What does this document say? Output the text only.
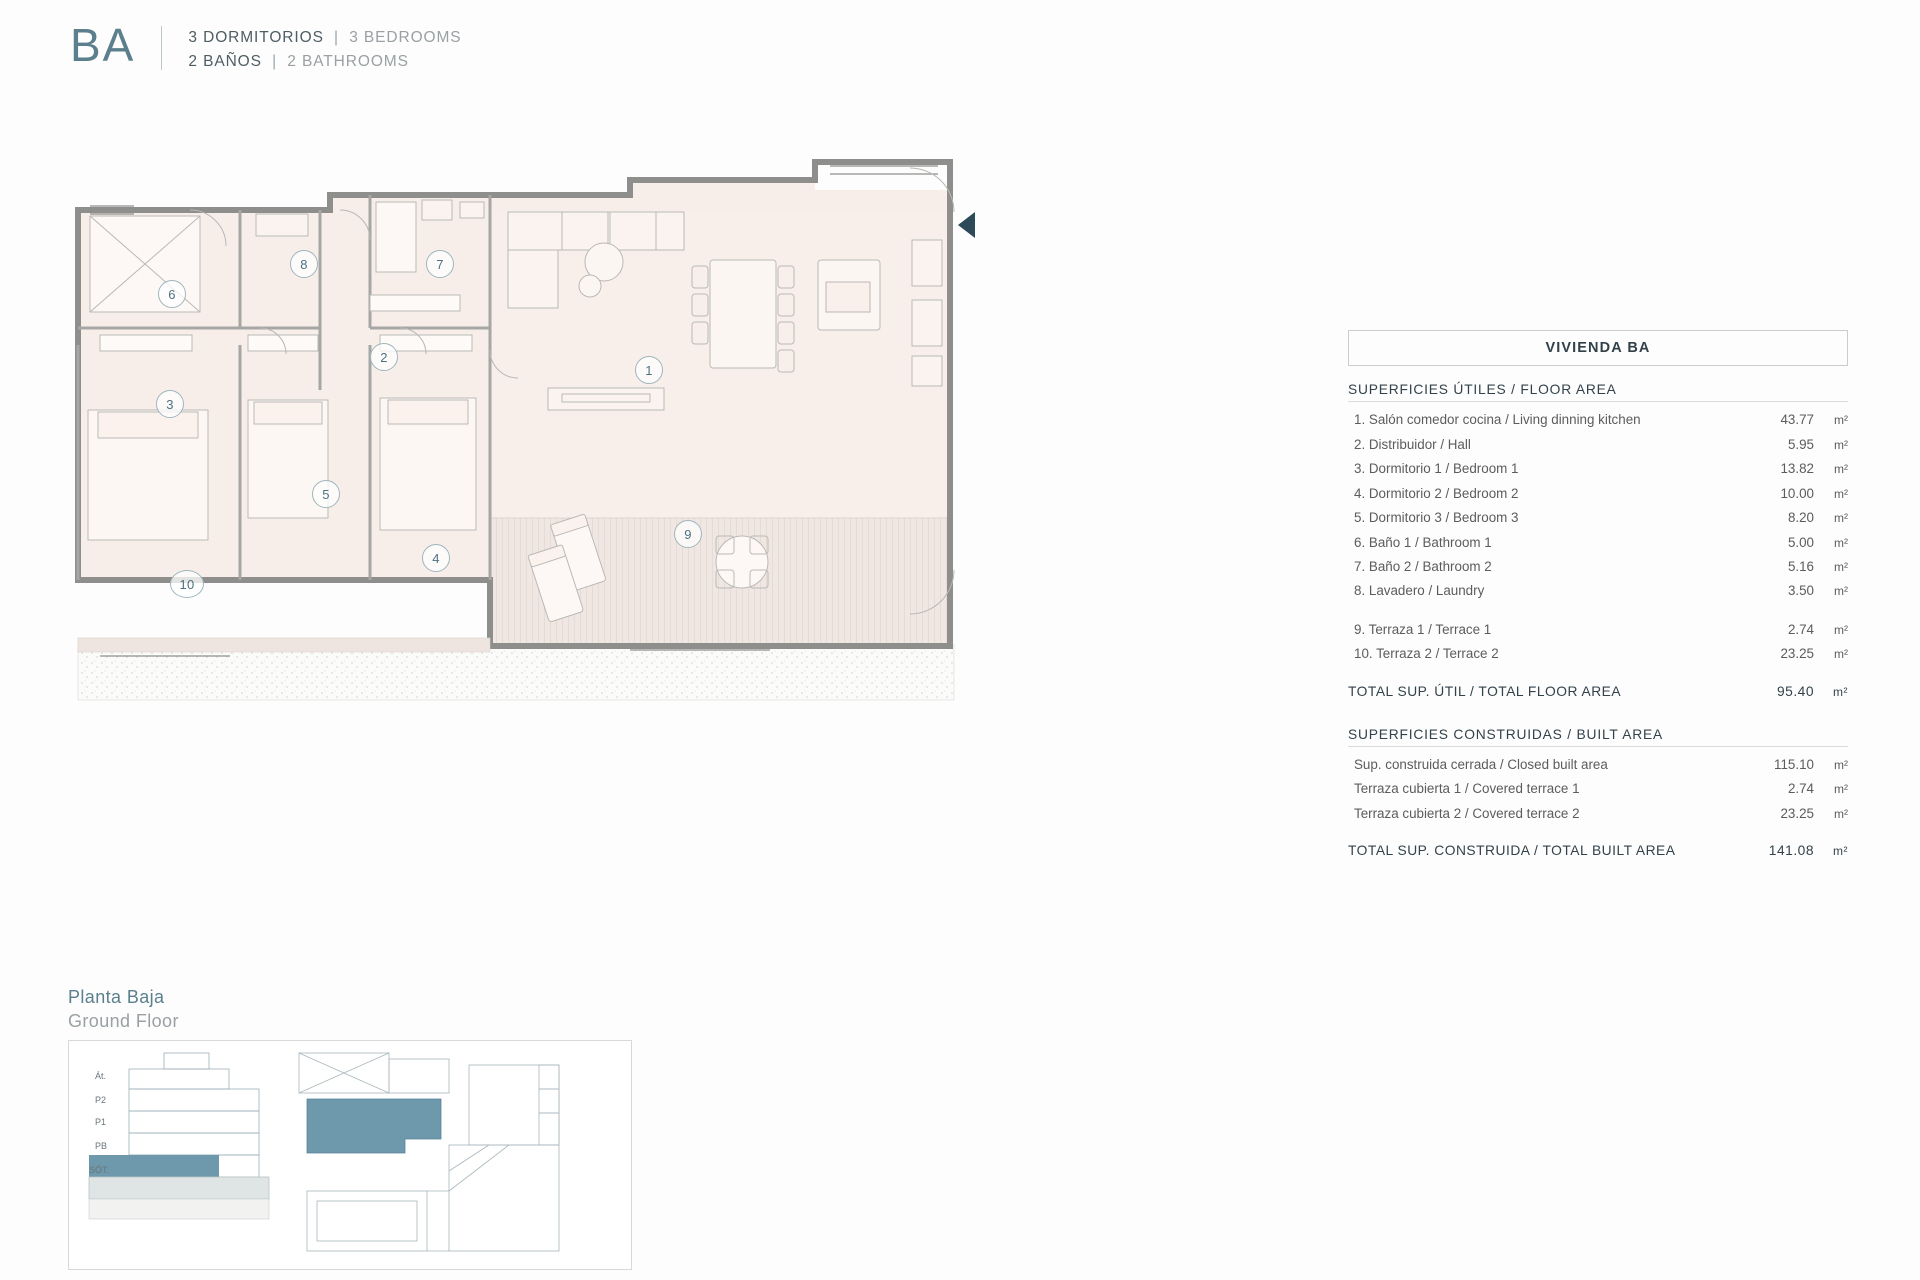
BA	3 DORMITORIOS | 3 BEDROOMS
2 BAÑOS | 2 BATHROOMS
1
2
3
4
5
6
7
8
9
10
VIVIENDA BA
SUPERFICIES ÚTILES / FLOOR AREA
1. Salón comedor cocina / Living dinning kitchen	43.77	m²
2. Distribuidor / Hall	5.95	m²
3. Dormitorio 1 / Bedroom 1	13.82	m²
4. Dormitorio 2 / Bedroom 2	10.00	m²
5. Dormitorio 3 / Bedroom 3	8.20	m²
6. Baño 1 / Bathroom 1	5.00	m²
7. Baño 2 / Bathroom 2	5.16	m²
8. Lavadero / Laundry	3.50	m²
9. Terraza 1 / Terrace 1	2.74	m²
10. Terraza 2 / Terrace 2	23.25	m²
TOTAL SUP. ÚTIL / TOTAL FLOOR AREA	95.40	m²
SUPERFICIES CONSTRUIDAS / BUILT AREA
Sup. construida cerrada / Closed built area	115.10	m²
Terraza cubierta 1 / Covered terrace 1	2.74	m²
Terraza cubierta 2 / Covered terrace 2	23.25	m²
TOTAL SUP. CONSTRUIDA / TOTAL BUILT AREA	141.08	m²
Planta Baja
Ground Floor
Át.
P2
P1
PB
SÓT.
